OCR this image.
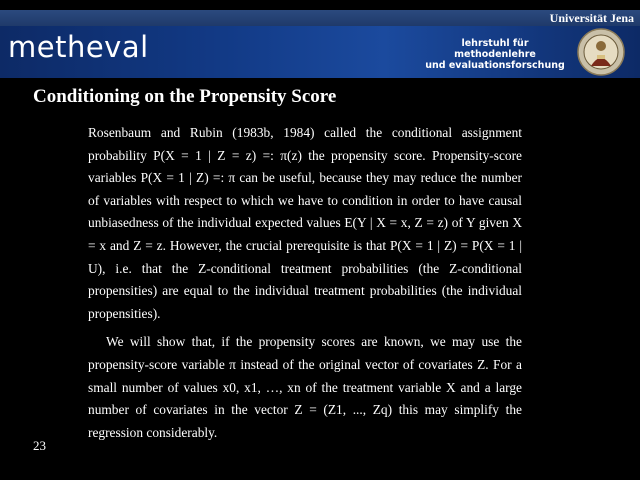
Universität Jena
metheval	lehrstuhl für methodenlehre
und evaluationsforschung
Conditioning on the Propensity Score

Rosenbaum and Rubin (1983b, 1984) called the conditional assignment probability P(X = 1 | Z = z) =: π(z) the propensity score. Propensity-score variables P(X = 1 | Z) =: π can be useful, because they may reduce the number of variables with respect to which we have to condition in order to have causal unbiasedness of the individual expected values E(Y | X = x, Z = z) of Y given X = x and Z = z. However, the crucial prerequisite is that P(X = 1 | Z) = P(X = 1 | U), i.e. that the Z-conditional treatment probabilities (the Z-conditional propensities) are equal to the individual treatment probabilities (the individual propensities).

We will show that, if the propensity scores are known, we may use the propensity-score variable π instead of the original vector of covariates Z. For a small number of values x0, x1, …, xn of the treatment variable X and a large number of covariates in the vector Z = (Z1, ..., Zq) this may simplify the regression considerably.

23
